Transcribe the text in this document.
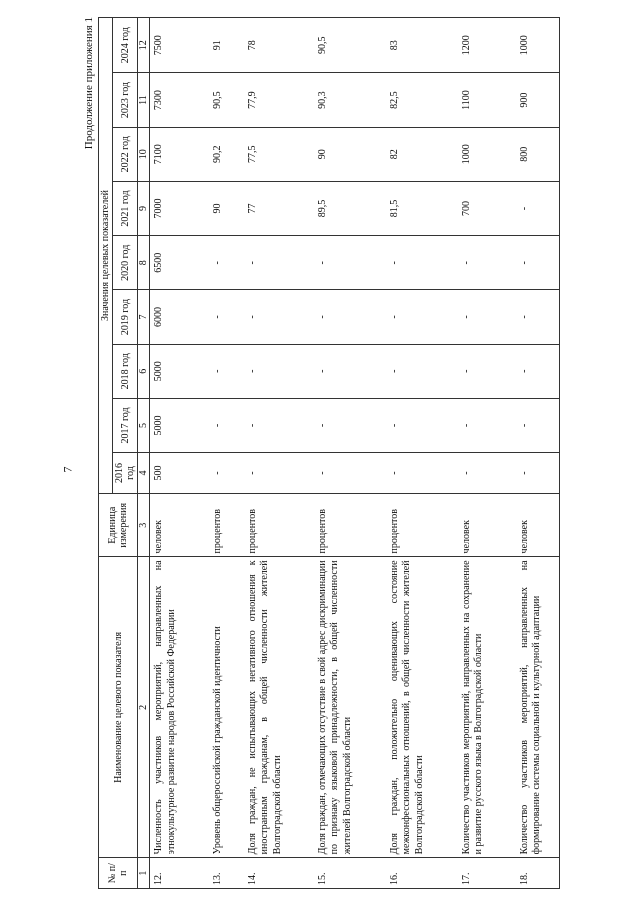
7
Продолжение приложения 1
№ п/п	Наименование целевого показателя	Единица измерения	Значения целевых показателей								
			2016 год	2017 год	2018 год	2019 год	2020 год	2021 год	2022 год	2023 год	2024 год
1	2	3	4	5	6	7	8	9	10	11	12
12.	Численность участников мероприятий, направленных на этнокультурное развитие народов Российской Федерации	человек	500	5000	5000	6000	6500	7000	7100	7300	7500
13.	Уровень общероссийской гражданской идентичности	процентов	-	-	-	-	-	90	90,2	90,5	91
14.	Доля граждан, не испытывающих негативного отношения к иностранным гражданам, в общей численности жителей Волгоградской области	процентов	-	-	-	-	-	77	77,5	77,9	78
15.	Доля граждан, отмечающих отсутствие в свой адрес дискриминации по признаку языковой принадлежности, в общей численности жителей Волгоградской области	процентов	-	-	-	-	-	89,5	90	90,3	90,5
16.	Доля граждан, положительно оценивающих состояние межконфессиональных отношений, в общей численности жителей Волгоградской области	процентов	-	-	-	-	-	81,5	82	82,5	83
17.	Количество участников мероприятий, направленных на сохранение и развитие русского языка в Волгоградской области	человек	-	-	-	-	-	700	1000	1100	1200
18.	Количество участников мероприятий, направленных на формирование системы социальной и культурной адаптации	человек	-	-	-	-	-	-	800	900	1000
